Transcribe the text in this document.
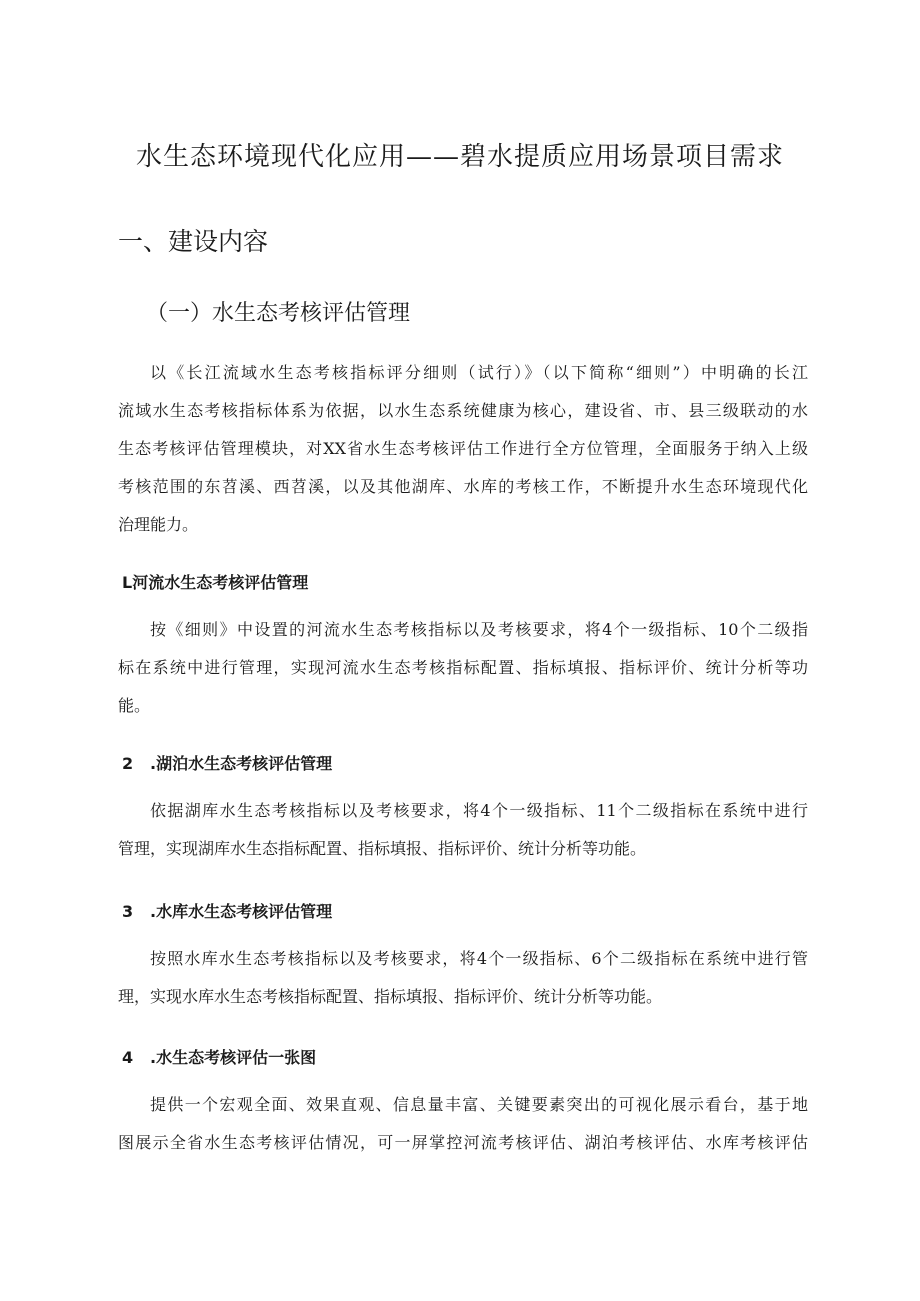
水生态环境现代化应用——碧水提质应用场景项目需求
一、建设内容
（一）水生态考核评估管理

以《长江流域水生态考核指标评分细则（试行）》（以下简称“细则”）中明确的长江
流域水生态考核指标体系为依据，以水生态系统健康为核心，建设省、市、县三级联动的水
生态考核评估管理模块，对XX省水生态考核评估工作进行全方位管理，全面服务于纳入上级
考核范围的东苕溪、西苕溪，以及其他湖库、水库的考核工作，不断提升水生态环境现代化
治理能力。

L河流水生态考核评估管理

按《细则》中设置的河流水生态考核指标以及考核要求，将4个一级指标、10个二级指
标在系统中进行管理，实现河流水生态考核指标配置、指标填报、指标评价、统计分析等功
能。

2 .湖泊水生态考核评估管理

依据湖库水生态考核指标以及考核要求，将4个一级指标、11个二级指标在系统中进行
管理，实现湖库水生态指标配置、指标填报、指标评价、统计分析等功能。

3 .水库水生态考核评估管理

按照水库水生态考核指标以及考核要求，将4个一级指标、6个二级指标在系统中进行管
理，实现水库水生态考核指标配置、指标填报、指标评价、统计分析等功能。

4 .水生态考核评估一张图

提供一个宏观全面、效果直观、信息量丰富、关键要素突出的可视化展示看台，基于地
图展示全省水生态考核评估情况，可一屏掌控河流考核评估、湖泊考核评估、水库考核评估
